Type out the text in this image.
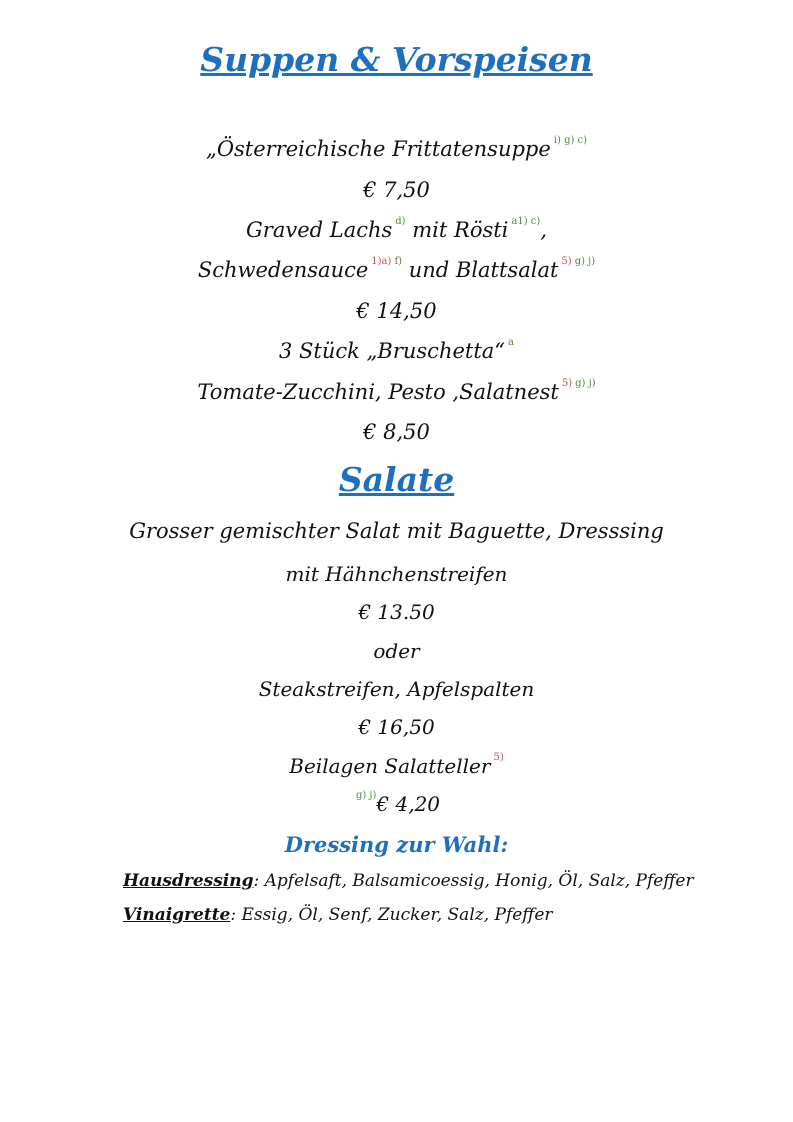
Suppen & Vorspeisen
„Österreichische Frittatensuppe $^{i) g) c)}$
€ 7,50
Graved Lachs $^{d)}$ mit Rösti $^{a1) c)}$,
Schwedensauce $^{1)a)}$ $^{f)}$ und Blattsalat $^{5)}$ $^{g) j)}$
€ 14,50
3 Stück „Bruschetta“ $^a$
Tomate-Zucchini, Pesto ,Salatnest $^{5)}$ $^{g) j)}$
€ 8,50
Salate
Grosser gemischter Salat mit Baguette, Dresssing
mit Hähnchenstreifen
€ 13.50
oder
Steakstreifen, Apfelspalten
€ 16,50
Beilagen Salatteller $^{5)}$
$^{g) j)}$€ 4,20
Dressing zur Wahl:
Hausdressing: Apfelsaft, Balsamicoessig, Honig, Öl, Salz, Pfeffer
Vinaigrette: Essig, Öl, Senf, Zucker, Salz, Pfeffer
